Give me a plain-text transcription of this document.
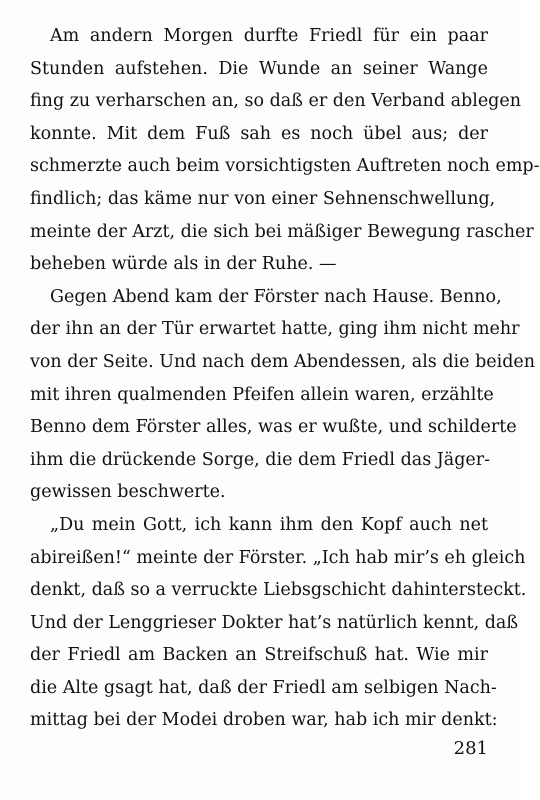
Am andern Morgen durfte Friedl für ein paar
Stunden aufstehen. Die Wunde an seiner Wange
fing zu verharschen an, so daß er den Verband ablegen
konnte. Mit dem Fuß sah es noch übel aus; der
schmerzte auch beim vorsichtigsten Auftreten noch emp-
findlich; das käme nur von einer Sehnenschwellung,
meinte der Arzt, die sich bei mäßiger Bewegung rascher
beheben würde als in der Ruhe. —
Gegen Abend kam der Förster nach Hause. Benno,
der ihn an der Tür erwartet hatte, ging ihm nicht mehr
von der Seite. Und nach dem Abendessen, als die beiden
mit ihren qualmenden Pfeifen allein waren, erzählte
Benno dem Förster alles, was er wußte, und schilderte
ihm die drückende Sorge, die dem Friedl das Jäger-
gewissen beschwerte.
„Du mein Gott, ich kann ihm den Kopf auch net
abireißen!“ meinte der Förster. „Ich hab mir’s eh gleich
denkt, daß so a verruckte Liebsgschicht dahintersteckt.
Und der Lenggrieser Dokter hat’s natürlich kennt, daß
der Friedl am Backen an Streifschuß hat. Wie mir
die Alte gsagt hat, daß der Friedl am selbigen Nach-
mittag bei der Modei droben war, hab ich mir denkt:
281
